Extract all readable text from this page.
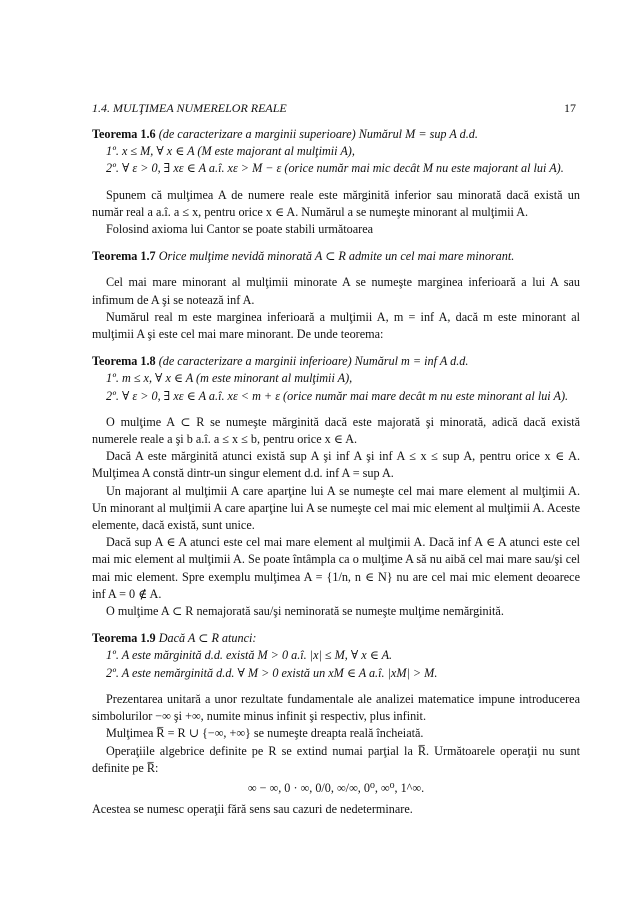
1.4. MULŢIMEA NUMERELOR REALE	17

Teorema 1.6 (de caracterizare a marginii superioare) Numărul M = sup A d.d.

1º. x ≤ M, ∀ x ∈ A (M este majorant al mulţimii A),

2º. ∀ ε > 0, ∃ xε ∈ A a.î. xε > M − ε (orice număr mai mic decât M nu este majorant al lui A).

Spunem că mulţimea A de numere reale este mărginită inferior sau minorată dacă există un număr real a a.î. a ≤ x, pentru orice x ∈ A. Numărul a se numeşte minorant al mulţimii A.

Folosind axioma lui Cantor se poate stabili următoarea

Teorema 1.7 Orice mulţime nevidă minorată A ⊂ R admite un cel mai mare minorant.

Cel mai mare minorant al mulţimii minorate A se numeşte marginea inferioară a lui A sau infimum de A şi se notează inf A.

Numărul real m este marginea inferioară a mulţimii A, m = inf A, dacă m este minorant al mulţimii A şi este cel mai mare minorant. De unde teorema:

Teorema 1.8 (de caracterizare a marginii inferioare) Numărul m = inf A d.d.

1º. m ≤ x, ∀ x ∈ A (m este minorant al mulţimii A),

2º. ∀ ε > 0, ∃ xε ∈ A a.î. xε < m + ε (orice număr mai mare decât m nu este minorant al lui A).

O mulţime A ⊂ R se numeşte mărginită dacă este majorată şi minorată, adică dacă există numerele reale a şi b a.î. a ≤ x ≤ b, pentru orice x ∈ A.

Dacă A este mărginită atunci există sup A şi inf A şi inf A ≤ x ≤ sup A, pentru orice x ∈ A. Mulţimea A constă dintr-un singur element d.d. inf A = sup A.

Un majorant al mulţimii A care aparţine lui A se numeşte cel mai mare element al mulţimii A. Un minorant al mulţimii A care aparţine lui A se numeşte cel mai mic element al mulţimii A. Aceste elemente, dacă există, sunt unice.

Dacă sup A ∈ A atunci este cel mai mare element al mulţimii A. Dacă inf A ∈ A atunci este cel mai mic element al mulţimii A. Se poate întâmpla ca o mulţime A să nu aibă cel mai mare sau/şi cel mai mic element. Spre exemplu mulţimea A = {1/n, n ∈ N} nu are cel mai mic element deoarece inf A = 0 ∉ A.

O mulţime A ⊂ R nemajorată sau/şi neminorată se numeşte mulţime nemărginită.

Teorema 1.9 Dacă A ⊂ R atunci:

1º. A este mărginită d.d. există M > 0 a.î. |x| ≤ M, ∀ x ∈ A.

2º. A este nemărginită d.d. ∀ M > 0 există un xM ∈ A a.î. |xM| > M.

Prezentarea unitară a unor rezultate fundamentale ale analizei matematice impune introducerea simbolurilor −∞ şi +∞, numite minus infinit şi respectiv, plus infinit.

Mulţimea R̅ = R ∪ {−∞, +∞} se numeşte dreapta reală încheiată.

Operaţiile algebrice definite pe R se extind numai parţial la R̅. Următoarele operaţii nu sunt definite pe R̅:

∞ − ∞, 0 · ∞, 0/0, ∞/∞, 0⁰, ∞⁰, 1^∞.

Acestea se numesc operaţii fără sens sau cazuri de nedeterminare.
